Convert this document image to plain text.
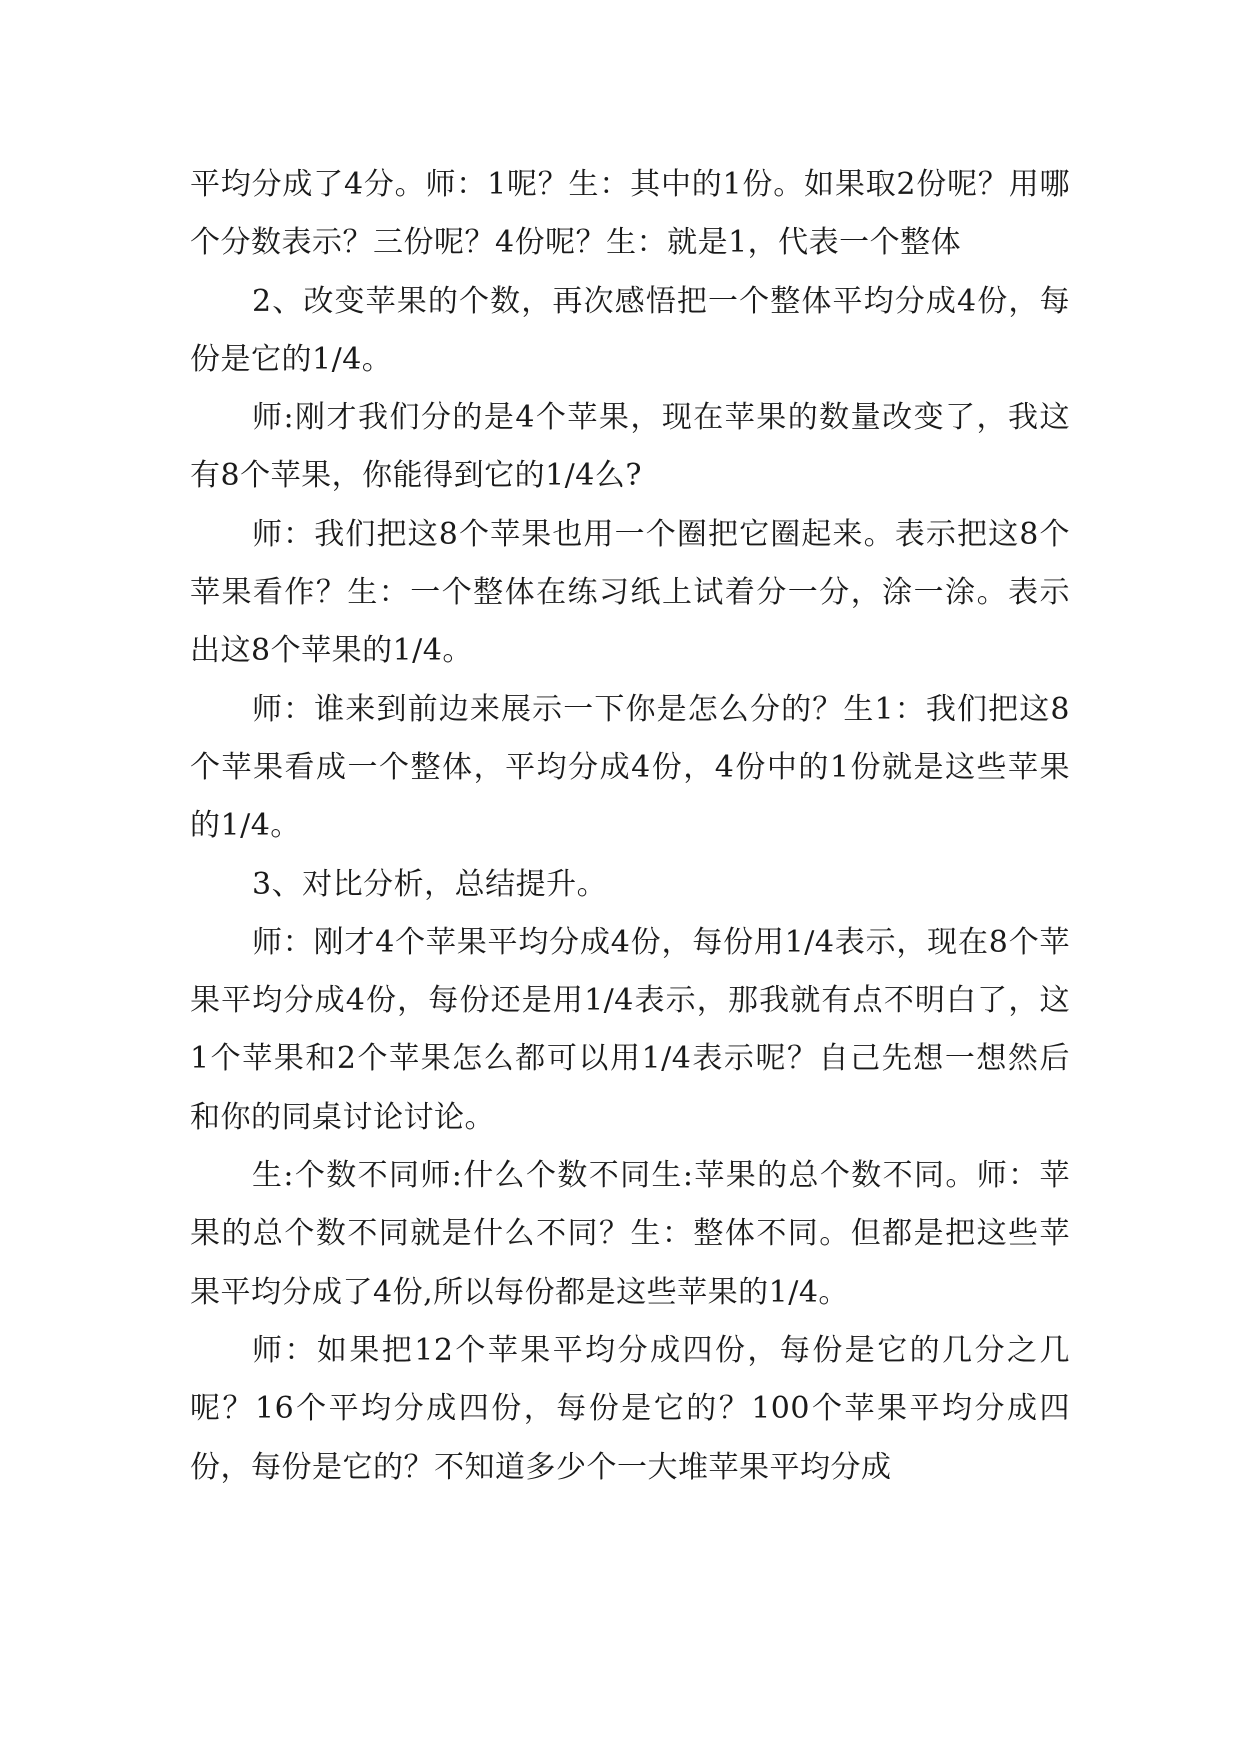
平均分成了4分。师：1呢？生：其中的1份。如果取2份呢？用哪个分数表示？三份呢？4份呢？生：就是1，代表一个整体

2、改变苹果的个数，再次感悟把一个整体平均分成4份，每份是它的1/4。

师:刚才我们分的是4个苹果，现在苹果的数量改变了，我这有8个苹果，你能得到它的1/4么?

师：我们把这8个苹果也用一个圈把它圈起来。表示把这8个苹果看作？生：一个整体在练习纸上试着分一分，涂一涂。表示出这8个苹果的1/4。

师：谁来到前边来展示一下你是怎么分的？生1：我们把这8个苹果看成一个整体，平均分成4份，4份中的1份就是这些苹果的1/4。

3、对比分析，总结提升。

师：刚才4个苹果平均分成4份，每份用1/4表示，现在8个苹果平均分成4份，每份还是用1/4表示，那我就有点不明白了，这1个苹果和2个苹果怎么都可以用1/4表示呢？自己先想一想然后和你的同桌讨论讨论。

生:个数不同师:什么个数不同生:苹果的总个数不同。师：苹果的总个数不同就是什么不同？生：整体不同。但都是把这些苹果平均分成了4份,所以每份都是这些苹果的1/4。

师：如果把12个苹果平均分成四份，每份是它的几分之几呢？16个平均分成四份，每份是它的？100个苹果平均分成四份，每份是它的？不知道多少个一大堆苹果平均分成
